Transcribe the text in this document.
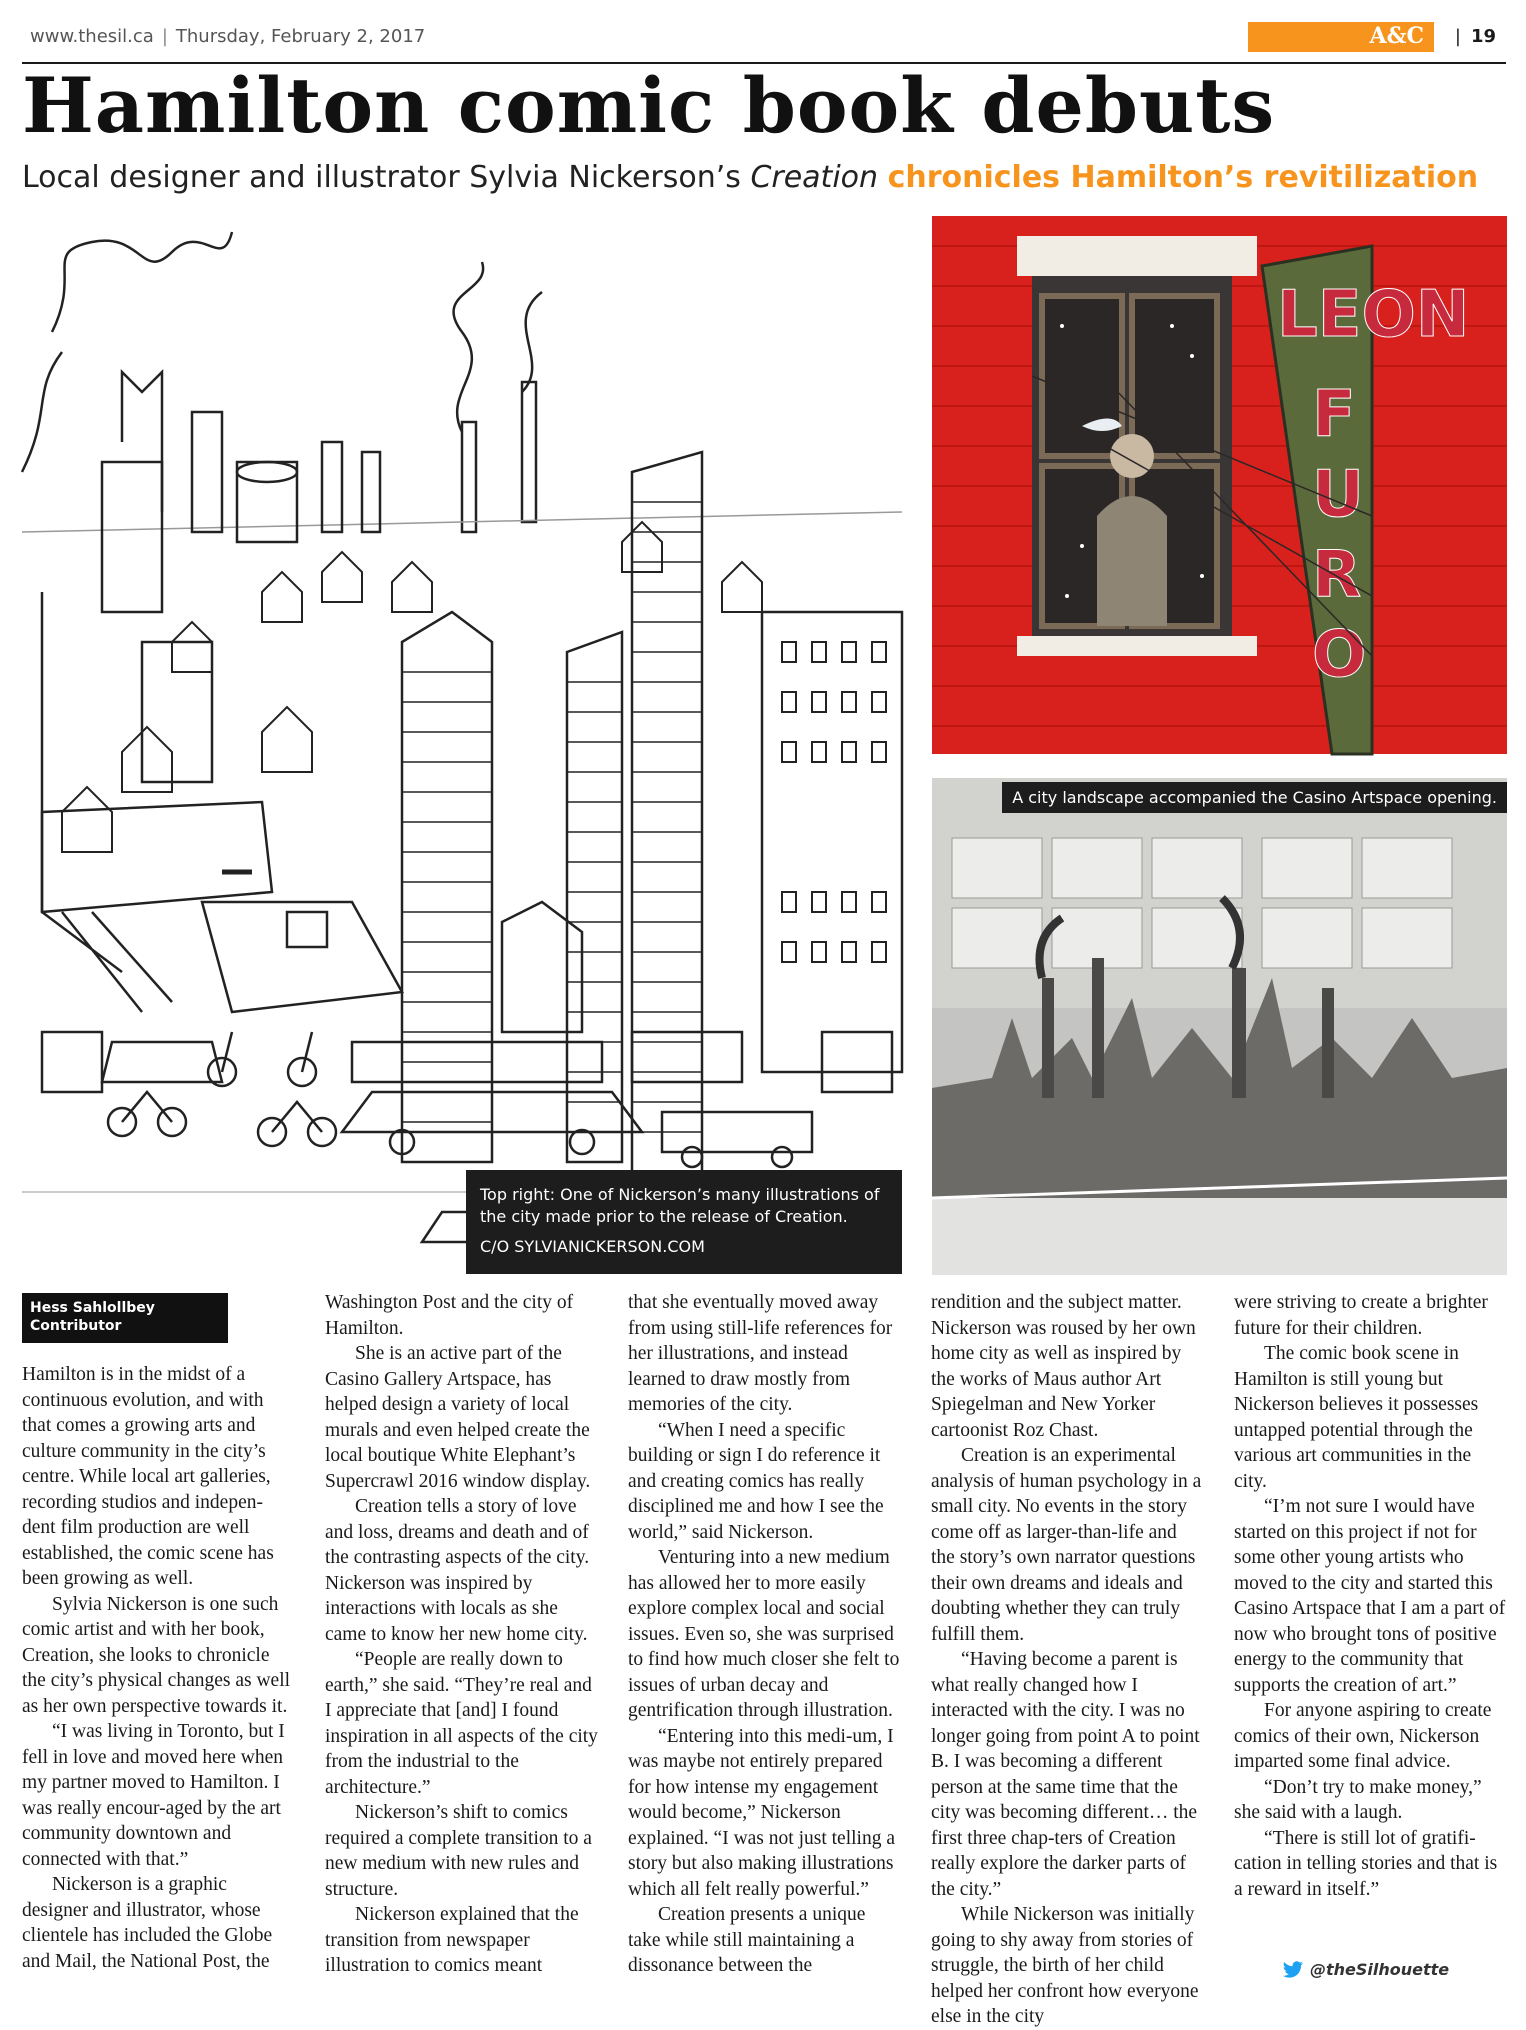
www.thesil.ca | Thursday, February 2, 2017	A&C
|	19
Hamilton comic book debuts
Local designer and illustrator Sylvia Nickerson’s Creation chronicles Hamilton’s revitilization
Top right: One of Nickerson’s many illustrations of the city made prior to the release of Creation.
C/O SYLVIANICKERSON.COM
LEON
F
U
R
O
A city landscape accompanied the Casino Artspace opening.
Hess Sahlollbey
Contributor

Hamilton is in the midst of a continuous evolution, and with that comes a growing arts and culture community in the city’s centre. While local art galleries, recording studios and indepen-dent film production are well established, the comic scene has been growing as well.

Sylvia Nickerson is one such comic artist and with her book, Creation, she looks to chronicle the city’s physical changes as well as her own perspective towards it.

“I was living in Toronto, but I fell in love and moved here when my partner moved to Hamilton. I was really encour-aged by the art community downtown and connected with that.”

Nickerson is a graphic designer and illustrator, whose clientele has included the Globe and Mail, the National Post, the

Washington Post and the city of Hamilton.

She is an active part of the Casino Gallery Artspace, has helped design a variety of local murals and even helped create the local boutique White Elephant’s Supercrawl 2016 window display.

Creation tells a story of love and loss, dreams and death and of the contrasting aspects of the city. Nickerson was inspired by interactions with locals as she came to know her new home city.

“People are really down to earth,” she said. “They’re real and I appreciate that [and] I found inspiration in all aspects of the city from the industrial to the architecture.”

Nickerson’s shift to comics required a complete transition to a new medium with new rules and structure.

Nickerson explained that the transition from newspaper illustration to comics meant

that she eventually moved away from using still-life references for her illustrations, and instead learned to draw mostly from memories of the city.

“When I need a specific building or sign I do reference it and creating comics has really disciplined me and how I see the world,” said Nickerson.

Venturing into a new medium has allowed her to more easily explore complex local and social issues. Even so, she was surprised to find how much closer she felt to issues of urban decay and gentrification through illustration.

“Entering into this medi-um, I was maybe not entirely prepared for how intense my engagement would become,” Nickerson explained. “I was not just telling a story but also making illustrations which all felt really powerful.”

Creation presents a unique take while still maintaining a dissonance between the

rendition and the subject matter. Nickerson was roused by her own home city as well as inspired by the works of Maus author Art Spiegelman and New Yorker cartoonist Roz Chast.

Creation is an experimental analysis of human psychology in a small city. No events in the story come off as larger-than-life and the story’s own narrator questions their own dreams and ideals and doubting whether they can truly fulfill them.

“Having become a parent is what really changed how I interacted with the city. I was no longer going from point A to point B. I was becoming a different person at the same time that the city was becoming different… the first three chap-ters of Creation really explore the darker parts of the city.”

While Nickerson was initially going to shy away from stories of struggle, the birth of her child helped her confront how everyone else in the city

were striving to create a brighter future for their children.

The comic book scene in Hamilton is still young but Nickerson believes it possesses untapped potential through the various art communities in the city.

“I’m not sure I would have started on this project if not for some other young artists who moved to the city and started this Casino Artspace that I am a part of now who brought tons of positive energy to the community that supports the creation of art.”

For anyone aspiring to create comics of their own, Nickerson imparted some final advice.

“Don’t try to make money,” she said with a laugh.

“There is still lot of gratifi-cation in telling stories and that is a reward in itself.”

@theSilhouette
